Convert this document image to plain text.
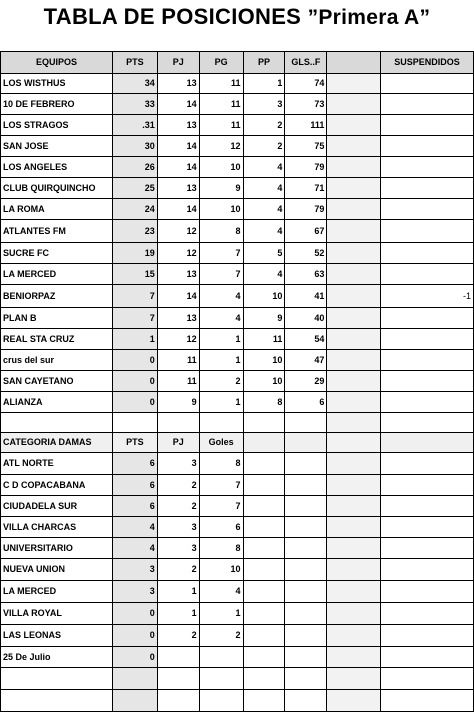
TABLA DE POSICIONES ”Primera A”
EQUIPOS	PTS	PJ	PG	PP	GLS..F		SUSPENDIDOS
LOS WISTHUS	34	13	11	1	74		
10 DE FEBRERO	33	14	11	3	73		
LOS STRAGOS	.31	13	11	2	111		
SAN JOSE	30	14	12	2	75		
LOS ANGELES	26	14	10	4	79		
CLUB QUIRQUINCHO	25	13	9	4	71		
LA ROMA	24	14	10	4	79		
ATLANTES FM	23	12	8	4	67		
SUCRE FC	19	12	7	5	52		
LA MERCED	15	13	7	4	63		
BENIORPAZ	7	14	4	10	41		-1
PLAN B	7	13	4	9	40		
REAL STA CRUZ	1	12	1	11	54		
crus del sur	0	11	1	10	47		
SAN CAYETANO	0	11	2	10	29		
ALIANZA	0	9	1	8	6		

CATEGORIA DAMAS	PTS	PJ	Goles				
ATL NORTE	6	3	8				
C D COPACABANA	6	2	7				
CIUDADELA SUR	6	2	7				
VILLA CHARCAS	4	3	6				
UNIVERSITARIO	4	3	8				
NUEVA UNION	3	2	10				
LA MERCED	3	1	4				
VILLA ROYAL	0	1	1				
LAS LEONAS	0	2	2				
25 De Julio	0						
